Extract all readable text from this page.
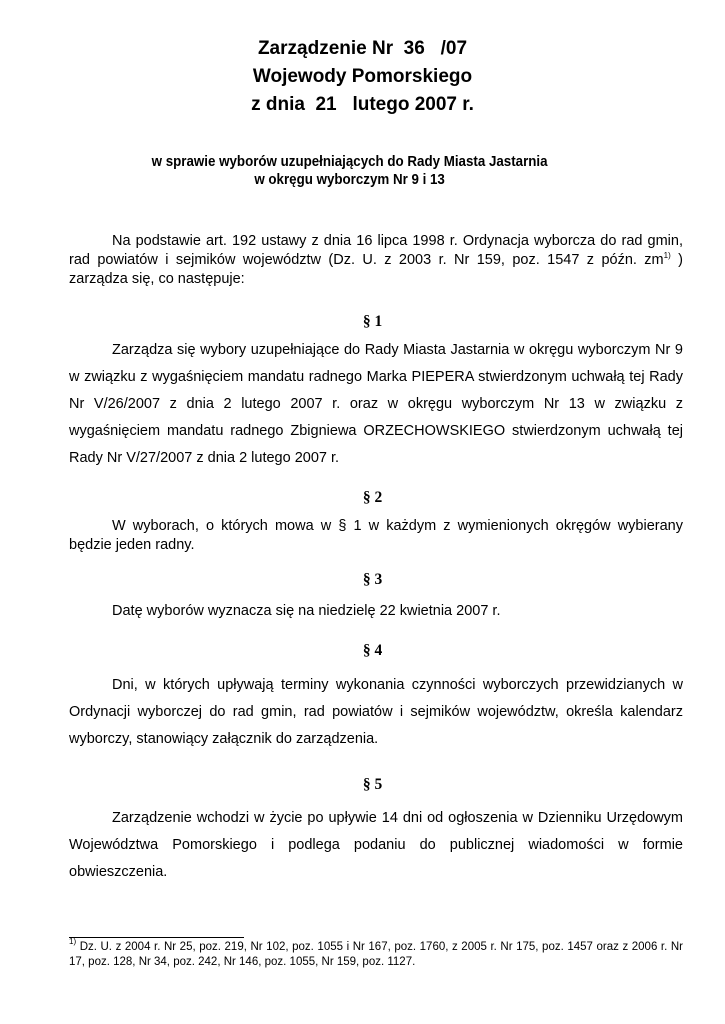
Zarządzenie Nr  36   /07
Wojewody Pomorskiego
z dnia  21   lutego 2007 r.
w sprawie wyborów uzupełniających do Rady Miasta Jastarnia
w okręgu wyborczym Nr 9 i 13
Na podstawie art. 192 ustawy z dnia 16 lipca 1998 r. Ordynacja wyborcza do rad gmin, rad powiatów i sejmików województw (Dz. U. z 2003 r. Nr 159, poz. 1547 z późn. $zm^{1)}$ ) zarządza się, co następuje:
§ 1
Zarządza się wybory uzupełniające do Rady Miasta Jastarnia w okręgu wyborczym Nr 9 w związku z wygaśnięciem mandatu radnego Marka PIEPERA stwierdzonym uchwałą tej Rady Nr V/26/2007 z dnia 2 lutego 2007 r. oraz w okręgu wyborczym Nr 13 w związku z wygaśnięciem mandatu radnego Zbigniewa ORZECHOWSKIEGO stwierdzonym uchwałą tej Rady Nr V/27/2007 z dnia 2 lutego 2007 r.
§ 2
W wyborach, o których mowa w § 1 w każdym z wymienionych okręgów wybierany będzie jeden radny.
§ 3
Datę wyborów wyznacza się na niedzielę 22 kwietnia 2007 r.
§ 4
Dni, w których upływają terminy wykonania czynności wyborczych przewidzianych w Ordynacji wyborczej do rad gmin, rad powiatów i sejmików województw, określa kalendarz wyborczy, stanowiący załącznik do zarządzenia.
§ 5
Zarządzenie wchodzi w życie po upływie 14 dni od ogłoszenia w Dzienniku Urzędowym Województwa Pomorskiego i podlega podaniu do publicznej wiadomości w formie obwieszczenia.
$^{1)}$ Dz. U. z 2004 r. Nr 25, poz. 219, Nr 102, poz. 1055 i Nr 167, poz. 1760, z 2005 r. Nr 175, poz. 1457 oraz z 2006 r. Nr 17, poz. 128, Nr 34, poz. 242, Nr 146, poz. 1055, Nr 159, poz. 1127.
